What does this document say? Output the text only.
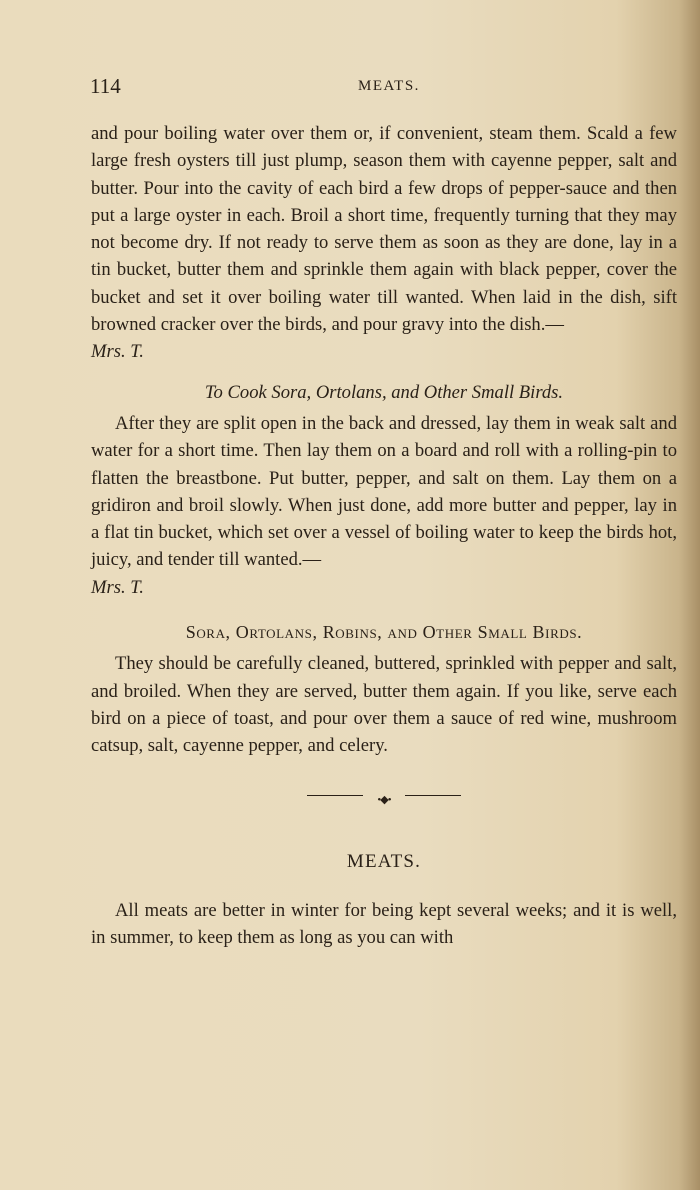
114	MEATS.

and pour boiling water over them or, if convenient, steam them. Scald a few large fresh oysters till just plump, season them with cayenne pepper, salt and butter. Pour into the cavity of each bird a few drops of pepper-sauce and then put a large oyster in each. Broil a short time, frequently turning that they may not become dry. If not ready to serve them as soon as they are done, lay in a tin bucket, butter them and sprinkle them again with black pepper, cover the bucket and set it over boiling water till wanted. When laid in the dish, sift browned cracker over the birds, and pour gravy into the dish.—

Mrs. T.

To Cook Sora, Ortolans, and Other Small Birds.

After they are split open in the back and dressed, lay them in weak salt and water for a short time. Then lay them on a board and roll with a rolling-pin to flatten the breastbone. Put butter, pepper, and salt on them. Lay them on a gridiron and broil slowly. When just done, add more butter and pepper, lay in a flat tin bucket, which set over a vessel of boiling water to keep the birds hot, juicy, and tender till wanted.—

Mrs. T.

Sora, Ortolans, Robins, and Other Small Birds.

They should be carefully cleaned, buttered, sprinkled with pepper and salt, and broiled. When they are served, butter them again. If you like, serve each bird on a piece of toast, and pour over them a sauce of red wine, mushroom catsup, salt, cayenne pepper, and celery.

•◆•

MEATS.

All meats are better in winter for being kept several weeks; and it is well, in summer, to keep them as long as you can with
